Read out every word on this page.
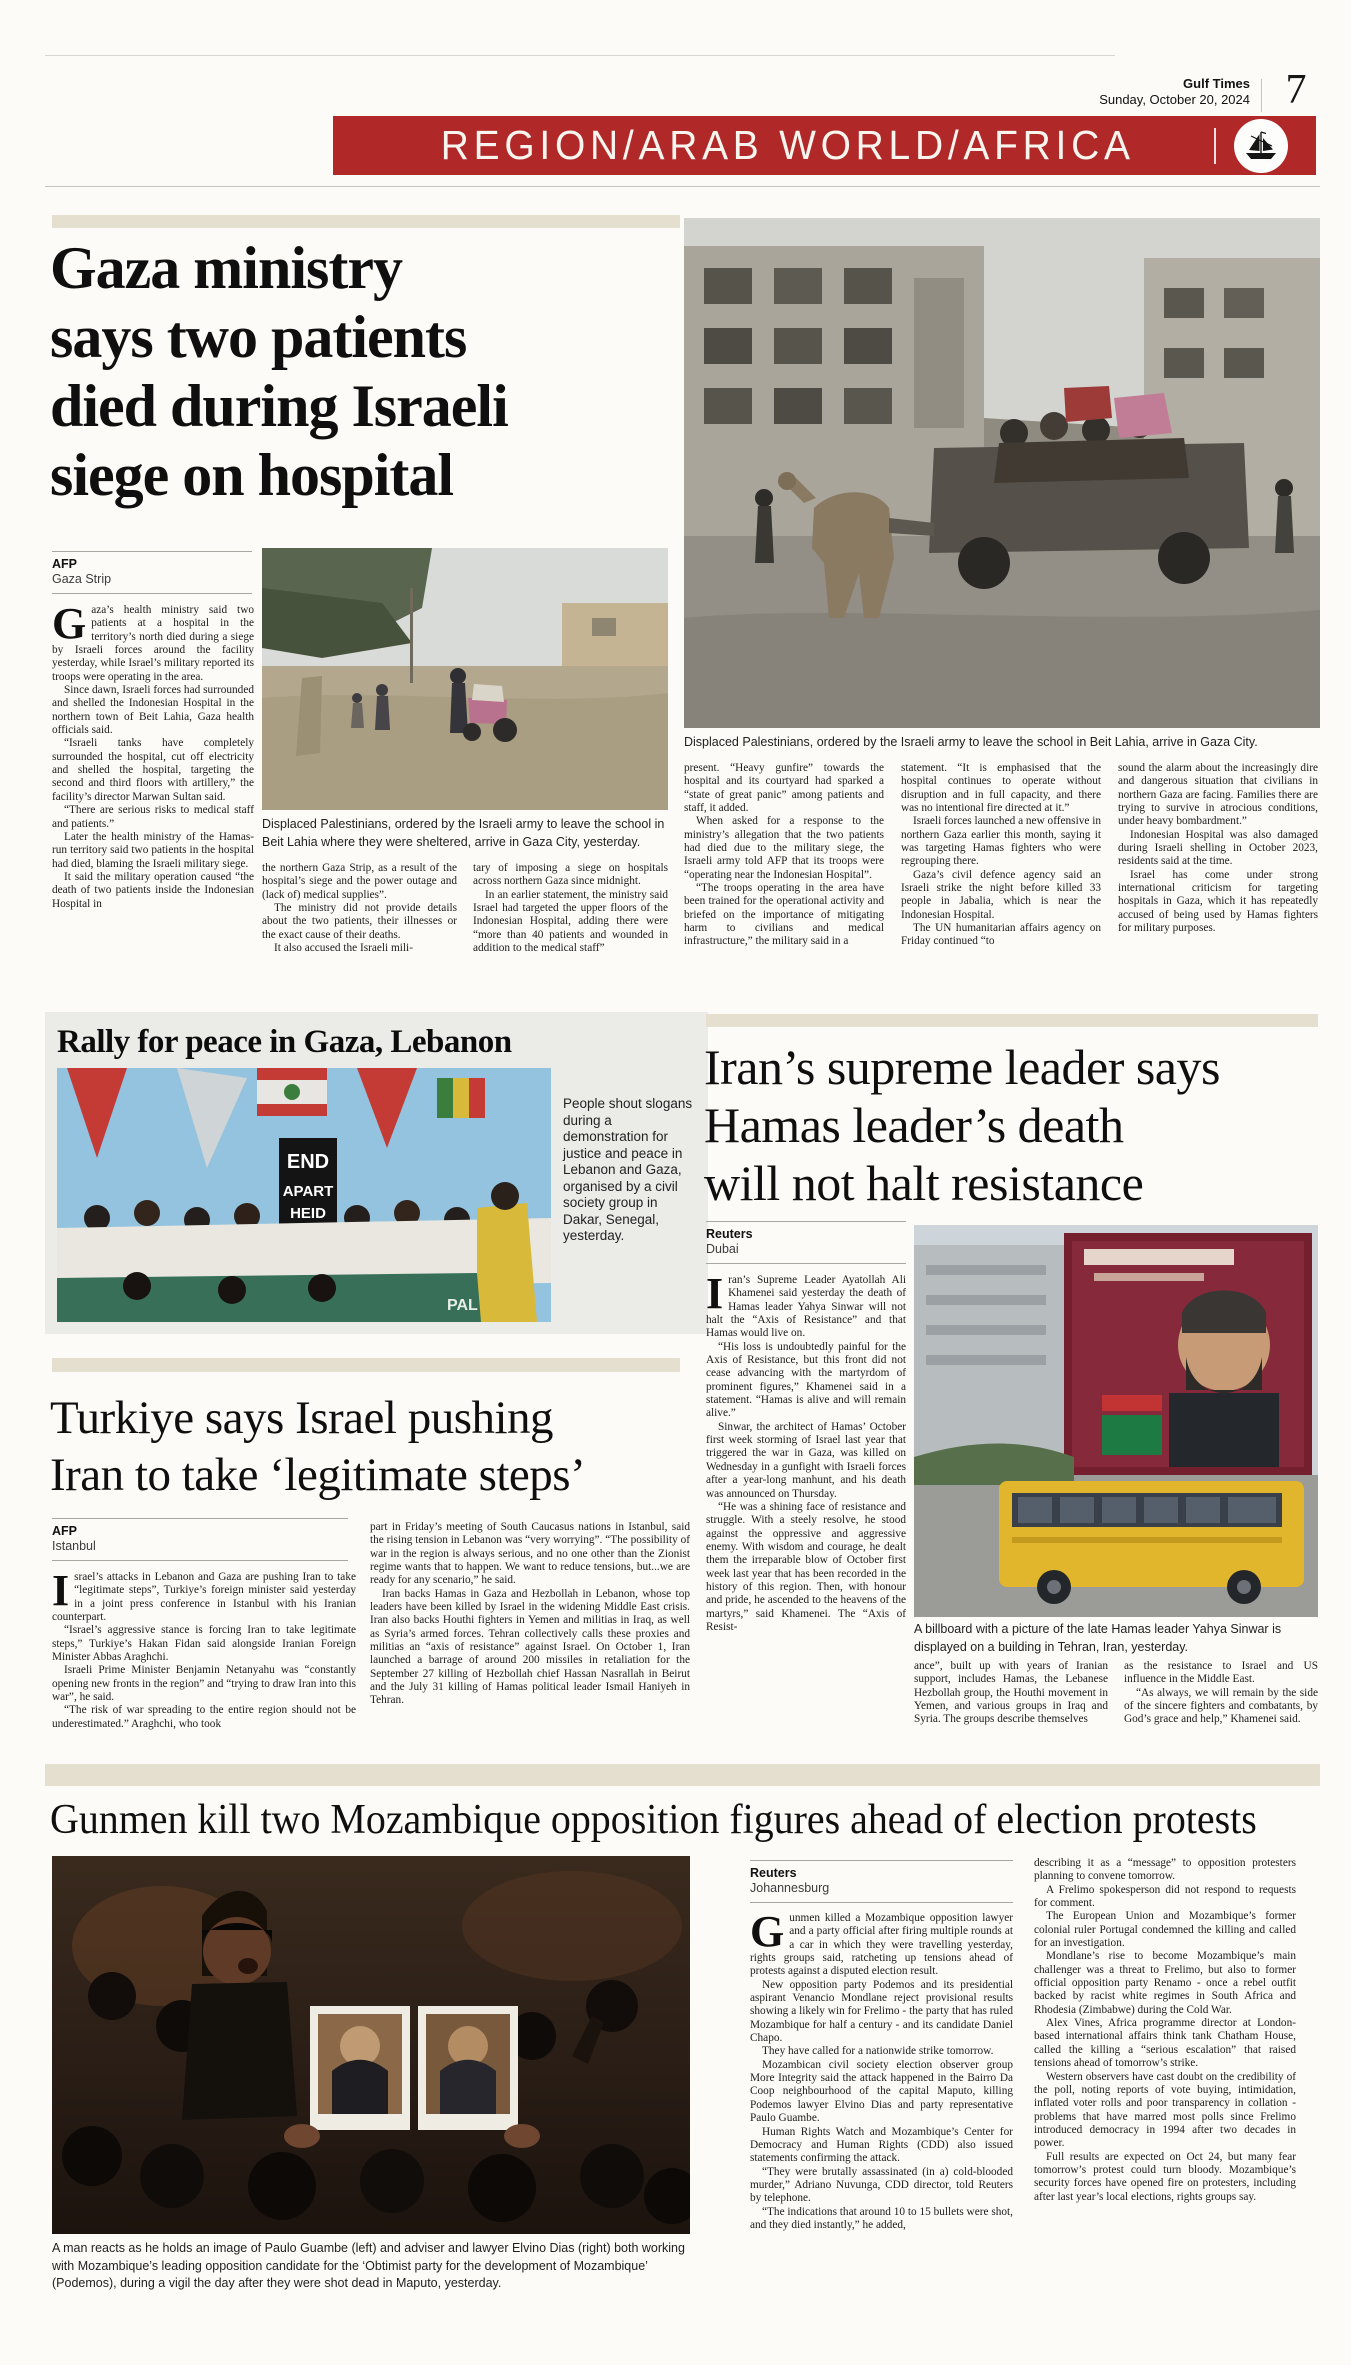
Gulf Times
Sunday, October 20, 2024 7
REGION/ARAB WORLD/AFRICA
Gaza ministry
says two patients
died during Israeli
siege on hospital
AFP
Gaza Strip
G aza’s health ministry said two patients at a hospital in the territory’s north died during a siege by Israeli forces around the facility yesterday, while Israel’s military reported its troops were operating in the area.

Since dawn, Israeli forces had surrounded and shelled the Indonesian Hospital in the northern town of Beit Lahia, Gaza health officials said.

“Israeli tanks have completely surrounded the hospital, cut off electricity and shelled the hospital, targeting the second and third floors with artillery,” the facility’s director Marwan Sultan said.

“There are serious risks to medical staff and patients.”

Later the health ministry of the Hamas-run territory said two patients in the hospital had died, blaming the Israeli military siege.

It said the military operation caused “the death of two patients inside the Indonesian Hospital in

Displaced Palestinians, ordered by the Israeli army to leave the school in Beit Lahia where they were sheltered, arrive in Gaza City, yesterday.

the northern Gaza Strip, as a result of the hospital’s siege and the power outage and (lack of) medical supplies”.

The ministry did not provide details about the two patients, their illnesses or the exact cause of their deaths.

It also accused the Israeli mili-

tary of imposing a siege on hospitals across northern Gaza since midnight.

In an earlier statement, the ministry said Israel had targeted the upper floors of the Indonesian Hospital, adding there were “more than 40 patients and wounded in addition to the medical staff”

Displaced Palestinians, ordered by the Israeli army to leave the school in Beit Lahia, arrive in Gaza City.

present. “Heavy gunfire” towards the hospital and its courtyard had sparked a “state of great panic” among patients and staff, it added.

When asked for a response to the ministry’s allegation that the two patients had died due to the military siege, the Israeli army told AFP that its troops were “operating near the Indonesian Hospital”.

“The troops operating in the area have been trained for the operational activity and briefed on the importance of mitigating harm to civilians and medical infrastructure,” the military said in a

statement. “It is emphasised that the hospital continues to operate without disruption and in full capacity, and there was no intentional fire directed at it.”

Israeli forces launched a new offensive in northern Gaza earlier this month, saying it was targeting Hamas fighters who were regrouping there.

Gaza’s civil defence agency said an Israeli strike the night before killed 33 people in Jabalia, which is near the Indonesian Hospital.

The UN humanitarian affairs agency on Friday continued “to

sound the alarm about the increasingly dire and dangerous situation that civilians in northern Gaza are facing. Families there are trying to survive in atrocious conditions, under heavy bombardment.”

Indonesian Hospital was also damaged during Israeli shelling in October 2023, residents said at the time.

Israel has come under strong international criticism for targeting hospitals in Gaza, which it has repeatedly accused of being used by Hamas fighters for military purposes.

Rally for peace in Gaza, Lebanon
END
APART
HEID
PAL
People shout slogans during a demonstration for justice and peace in Lebanon and Gaza, organised by a civil society group in Dakar, Senegal, yesterday.
Iran’s supreme leader says
Hamas leader’s death
will not halt resistance
Reuters
Dubai
I ran’s Supreme Leader Ayatollah Ali Khamenei said yesterday the death of Hamas leader Yahya Sinwar will not halt the “Axis of Resistance” and that Hamas would live on.

“His loss is undoubtedly painful for the Axis of Resistance, but this front did not cease advancing with the martyrdom of prominent figures,” Khamenei said in a statement. “Hamas is alive and will remain alive.”

Sinwar, the architect of Hamas’ October first week storming of Israel last year that triggered the war in Gaza, was killed on Wednesday in a gunfight with Israeli forces after a year-long manhunt, and his death was announced on Thursday.

“He was a shining face of resistance and struggle. With a steely resolve, he stood against the oppressive and aggressive enemy. With wisdom and courage, he dealt them the irreparable blow of October first week last year that has been recorded in the history of this region. Then, with honour and pride, he ascended to the heavens of the martyrs,” said Khamenei. The “Axis of Resist-	A billboard with a picture of the late Hamas leader Yahya Sinwar is displayed on a building in Tehran, Iran, yesterday.

ance”, built up with years of Iranian support, includes Hamas, the Lebanese Hezbollah group, the Houthi movement in Yemen, and various groups in Iraq and Syria. The groups describe themselves

as the resistance to Israel and US influence in the Middle East.

“As always, we will remain by the side of the sincere fighters and combatants, by God’s grace and help,” Khamenei said.

Turkiye says Israel pushing
Iran to take ‘legitimate steps’
AFP
Istanbul
I srael’s attacks in Lebanon and Gaza are pushing Iran to take “legitimate steps”, Turkiye’s foreign minister said yesterday in a joint press conference in Istanbul with his Iranian counterpart.

“Israel’s aggressive stance is forcing Iran to take legitimate steps,” Turkiye’s Hakan Fidan said alongside Iranian Foreign Minister Abbas Araghchi.

Israeli Prime Minister Benjamin Netanyahu was “constantly opening new fronts in the region” and “trying to draw Iran into this war”, he said.

“The risk of war spreading to the entire region should not be underestimated.” Araghchi, who took

part in Friday’s meeting of South Caucasus nations in Istanbul, said the rising tension in Lebanon was “very worrying”. “The possibility of war in the region is always serious, and no one other than the Zionist regime wants that to happen. We want to reduce tensions, but...we are ready for any scenario,” he said.

Iran backs Hamas in Gaza and Hezbollah in Lebanon, whose top leaders have been killed by Israel in the widening Middle East crisis. Iran also backs Houthi fighters in Yemen and militias in Iraq, as well as Syria’s armed forces. Tehran collectively calls these proxies and militias an “axis of resistance” against Israel. On October 1, Iran launched a barrage of around 200 missiles in retaliation for the September 27 killing of Hezbollah chief Hassan Nasrallah in Beirut and the July 31 killing of Hamas political leader Ismail Haniyeh in Tehran.

Gunmen kill two Mozambique opposition figures ahead of election protests
A man reacts as he holds an image of Paulo Guambe (left) and adviser and lawyer Elvino Dias (right) both working with Mozambique’s leading opposition candidate for the ‘Obtimist party for the development of Mozambique’ (Podemos), during a vigil the day after they were shot dead in Maputo, yesterday.
Reuters
Johannesburg
G unmen killed a Mozambique opposition lawyer and a party official after firing multiple rounds at a car in which they were travelling yesterday, rights groups said, ratcheting up tensions ahead of protests against a disputed election result.

New opposition party Podemos and its presidential aspirant Venancio Mondlane reject provisional results showing a likely win for Frelimo - the party that has ruled Mozambique for half a century - and its candidate Daniel Chapo.

They have called for a nationwide strike tomorrow.

Mozambican civil society election observer group More Integrity said the attack happened in the Bairro Da Coop neighbourhood of the capital Maputo, killing Podemos lawyer Elvino Dias and party representative Paulo Guambe.

Human Rights Watch and Mozambique’s Center for Democracy and Human Rights (CDD) also issued statements confirming the attack.

“They were brutally assassinated (in a) cold-blooded murder,” Adriano Nuvunga, CDD director, told Reuters by telephone.

“The indications that around 10 to 15 bullets were shot, and they died instantly,” he added,

describing it as a “message” to opposition protesters planning to convene tomorrow.

A Frelimo spokesperson did not respond to requests for comment.

The European Union and Mozambique’s former colonial ruler Portugal condemned the killing and called for an investigation.

Mondlane’s rise to become Mozambique’s main challenger was a threat to Frelimo, but also to former official opposition party Renamo - once a rebel outfit backed by racist white regimes in South Africa and Rhodesia (Zimbabwe) during the Cold War.

Alex Vines, Africa programme director at London-based international affairs think tank Chatham House, called the killing a “serious escalation” that raised tensions ahead of tomorrow’s strike.

Western observers have cast doubt on the credibility of the poll, noting reports of vote buying, intimidation, inflated voter rolls and poor transparency in collation - problems that have marred most polls since Frelimo introduced democracy in 1994 after two decades in power.

Full results are expected on Oct 24, but many fear tomorrow’s protest could turn bloody. Mozambique’s security forces have opened fire on protesters, including after last year’s local elections, rights groups say.
